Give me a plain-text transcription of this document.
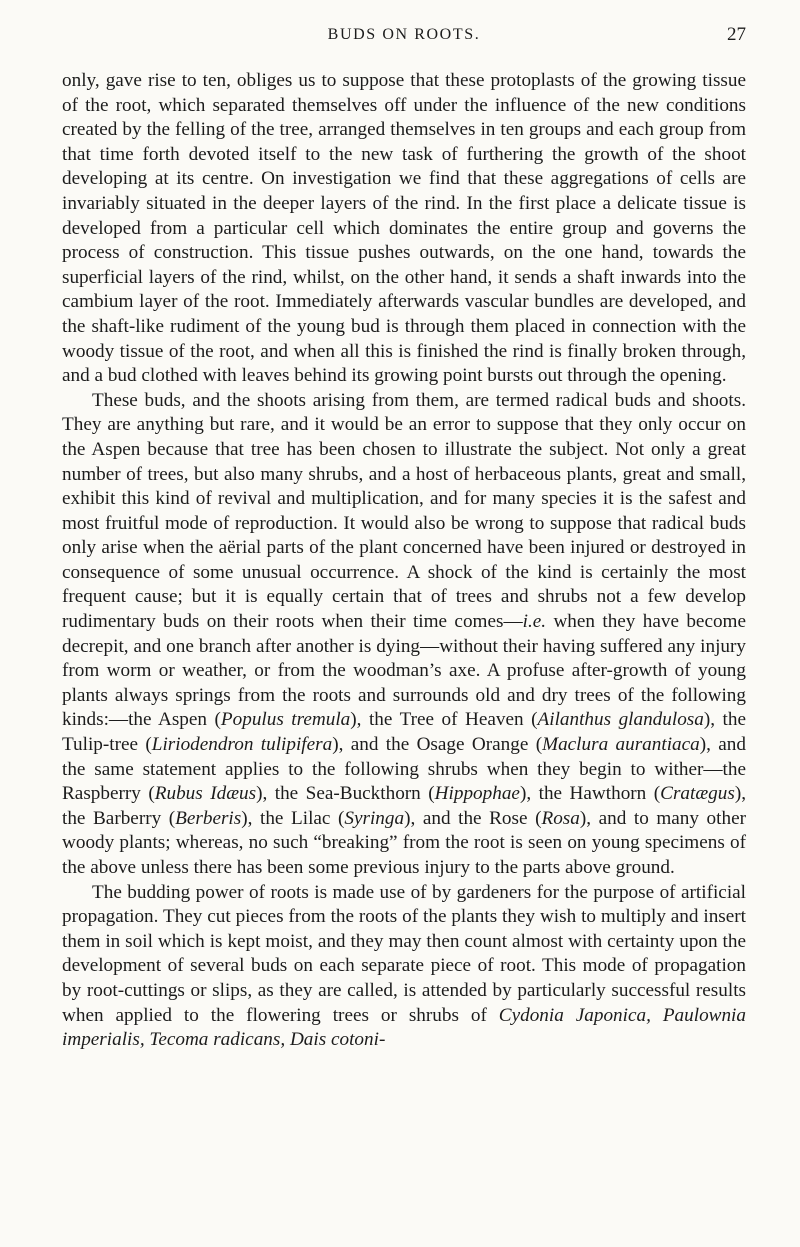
BUDS ON ROOTS.	27

only, gave rise to ten, obliges us to suppose that these protoplasts of the growing tissue of the root, which separated themselves off under the influence of the new conditions created by the felling of the tree, arranged themselves in ten groups and each group from that time forth devoted itself to the new task of furthering the growth of the shoot developing at its centre. On investigation we find that these aggregations of cells are invariably situated in the deeper layers of the rind. In the first place a delicate tissue is developed from a particular cell which dominates the entire group and governs the process of construction. This tissue pushes outwards, on the one hand, towards the superficial layers of the rind, whilst, on the other hand, it sends a shaft inwards into the cambium layer of the root. Immediately afterwards vascular bundles are developed, and the shaft-like rudiment of the young bud is through them placed in connection with the woody tissue of the root, and when all this is finished the rind is finally broken through, and a bud clothed with leaves behind its growing point bursts out through the opening.

These buds, and the shoots arising from them, are termed radical buds and shoots. They are anything but rare, and it would be an error to suppose that they only occur on the Aspen because that tree has been chosen to illustrate the subject. Not only a great number of trees, but also many shrubs, and a host of herbaceous plants, great and small, exhibit this kind of revival and multiplication, and for many species it is the safest and most fruitful mode of reproduction. It would also be wrong to suppose that radical buds only arise when the aërial parts of the plant concerned have been injured or destroyed in consequence of some unusual occurrence. A shock of the kind is certainly the most frequent cause; but it is equally certain that of trees and shrubs not a few develop rudimentary buds on their roots when their time comes—i.e. when they have become decrepit, and one branch after another is dying—without their having suffered any injury from worm or weather, or from the woodman’s axe. A profuse after-growth of young plants always springs from the roots and surrounds old and dry trees of the following kinds:—the Aspen (Populus tremula), the Tree of Heaven (Ailanthus glandulosa), the Tulip-tree (Liriodendron tulipifera), and the Osage Orange (Maclura aurantiaca), and the same statement applies to the following shrubs when they begin to wither—the Raspberry (Rubus Idæus), the Sea-Buckthorn (Hippophae), the Hawthorn (Cratægus), the Barberry (Berberis), the Lilac (Syringa), and the Rose (Rosa), and to many other woody plants; whereas, no such “breaking” from the root is seen on young specimens of the above unless there has been some previous injury to the parts above ground.

The budding power of roots is made use of by gardeners for the purpose of artificial propagation. They cut pieces from the roots of the plants they wish to multiply and insert them in soil which is kept moist, and they may then count almost with certainty upon the development of several buds on each separate piece of root. This mode of propagation by root-cuttings or slips, as they are called, is attended by particularly successful results when applied to the flowering trees or shrubs of Cydonia Japonica, Paulownia imperialis, Tecoma radicans, Dais cotoni-
